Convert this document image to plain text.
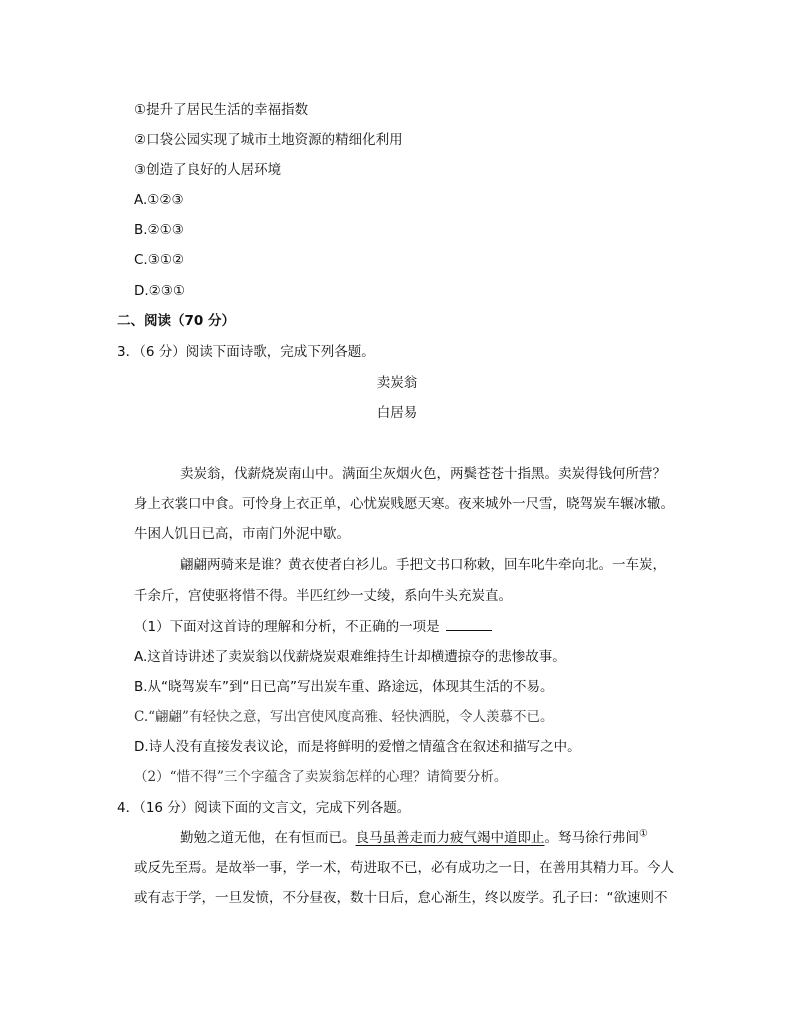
①提升了居民生活的幸福指数
②口袋公园实现了城市土地资源的精细化利用
③创造了良好的人居环境
A.①②③
B.②①③
C.③①②
D.②③①
二、阅读（70 分）
3．（6 分）阅读下面诗歌，完成下列各题。
卖炭翁
白居易
卖炭翁，伐薪烧炭南山中。满面尘灰烟火色，两鬓苍苍十指黑。卖炭得钱何所营？
身上衣裳口中食。可怜身上衣正单，心忧炭贱愿天寒。夜来城外一尺雪，晓驾炭车辗冰辙。
牛困人饥日已高，市南门外泥中歇。
翩翩两骑来是谁？黄衣使者白衫儿。手把文书口称敕，回车叱牛牵向北。一车炭，
千余斤，宫使驱将惜不得。半匹红纱一丈绫，系向牛头充炭直。
（1）下面对这首诗的理解和分析，不正确的一项是
A.这首诗讲述了卖炭翁以伐薪烧炭艰难维持生计却横遭掠夺的悲惨故事。
B.从“晓驾炭车”到“日已高”写出炭车重、路途远，体现其生活的不易。
C.“翩翩”有轻快之意，写出宫使风度高雅、轻快洒脱，令人羡慕不已。
D.诗人没有直接发表议论，而是将鲜明的爱憎之情蕴含在叙述和描写之中。
（2）“惜不得”三个字蕴含了卖炭翁怎样的心理？请简要分析。
4．（16 分）阅读下面的文言文，完成下列各题。
勤勉之道无他，在有恒而已。良马虽善走而力疲气竭中道即止。驽马徐行弗间①
或反先至焉。是故举一事，学一术，苟进取不已，必有成功之一日，在善用其精力耳。今人
或有志于学，一旦发愤，不分昼夜，数十日后，怠心渐生，终以废学。孔子曰：“欲速则不
